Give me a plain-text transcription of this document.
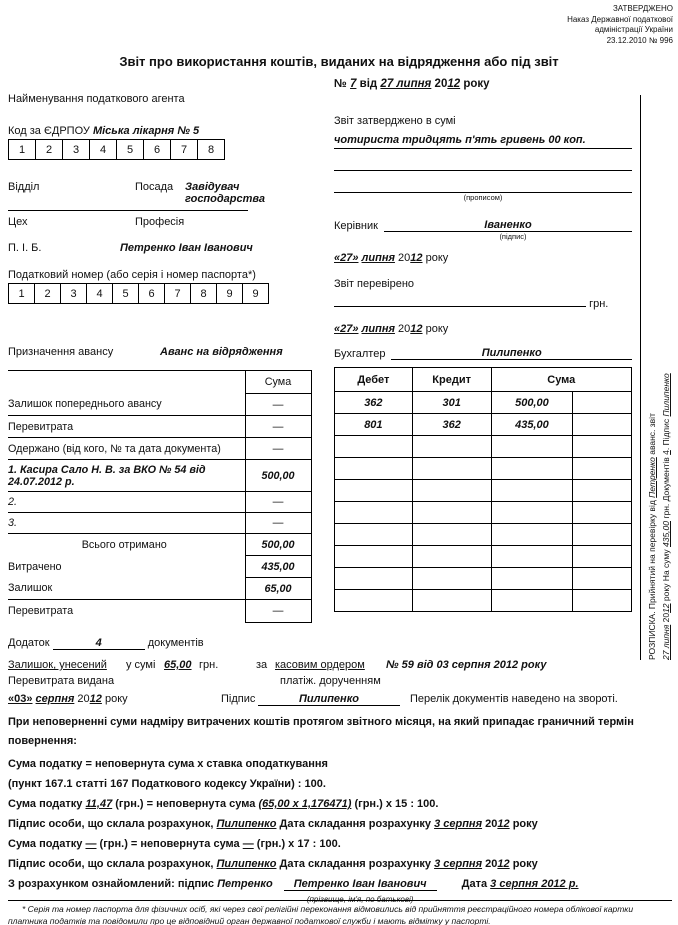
ЗАТВЕРДЖЕНО
Наказ Державної податкової
адміністрації України
23.12.2010 № 996
Звіт про використання коштів, виданих на відрядження або під звіт
№ 7 від 27 липня 2012 року
Найменування податкового агента
Код за ЄДРПОУ Міська лікарня № 5
1	2	3	4	5	6	7	8
Відділ	Посада	Завідувач господарства
Цех	Професія
П. І. Б.	Петренко Іван Іванович
Податковий номер (або серія і номер паспорта*)
1	2	3	4	5	6	7	8	9	9
Призначення авансу	Аванс на відрядження
	Сума
Залишок попереднього авансу	—
Перевитрата	—
Одержано (від кого, № та дата документа)	—
1. Касира Сало Н. В. за ВКО № 54 від 24.07.2012 р.	500,00
2.	—
3.	—
Всього отримано	500,00
Витрачено	435,00
Залишок	65,00
Перевитрата	—
Звіт затверджено в сумі
чотириста тридцять п'ять гривень 00 коп.
(прописом)
Керівник	Іваненко
(підпис)
«27» липня 2012 року
Звіт перевірено
грн.
«27» липня 2012 року
Бухгалтер	Пилипенко
Дебет	Кредит	Сума	
362	301	500,00	
801	362	435,00	

РОЗПИСКА. Прийнятий на перевірку від Петренко аванс. звіт
27 липня 2012 року На суму 435,00 грн. Документів 4. Підпис Пилипенко
Додаток	4	документів
Залишок, унесений
Перевитрата видана
у сумі 65,00 грн.	за касовим ордером
платіж. дорученням
№ 59 від 03 серпня 2012 року
«03» серпня 2012 року	Підпис	Пилипенко	Перелік документів наведено на звороті.
При неповерненні суми надміру витрачених коштів протягом звітного місяця, на який припадає граничний термін повернення:
Сума податку = неповернута сума х ставка оподаткування
(пункт 167.1 статті 167 Податкового кодексу України) : 100.
Сума податку 11,47 (грн.) = неповернута сума (65,00 х 1,176471) (грн.) х 15 : 100.
Підпис особи, що склала розрахунок, Пилипенко Дата складання розрахунку 3 серпня 2012 року
Сума податку — (грн.) = неповернута сума — (грн.) х 17 : 100.
Підпис особи, що склала розрахунок, Пилипенко Дата складання розрахунку 3 серпня 2012 року
З розрахунком ознайомлений: підпис Петренко Петренко Іван Іванович
(прізвище, ім'я, по батькові)
Дата 3 серпня 2012 р.
* Серія та номер паспорта для фізичних осіб, які через свої релігійні переконання відмовились від прийняття реєстраційного номера облікової картки платника податків та повідомили про це відповідний орган державної податкової служби і мають відмітку у паспорті.
